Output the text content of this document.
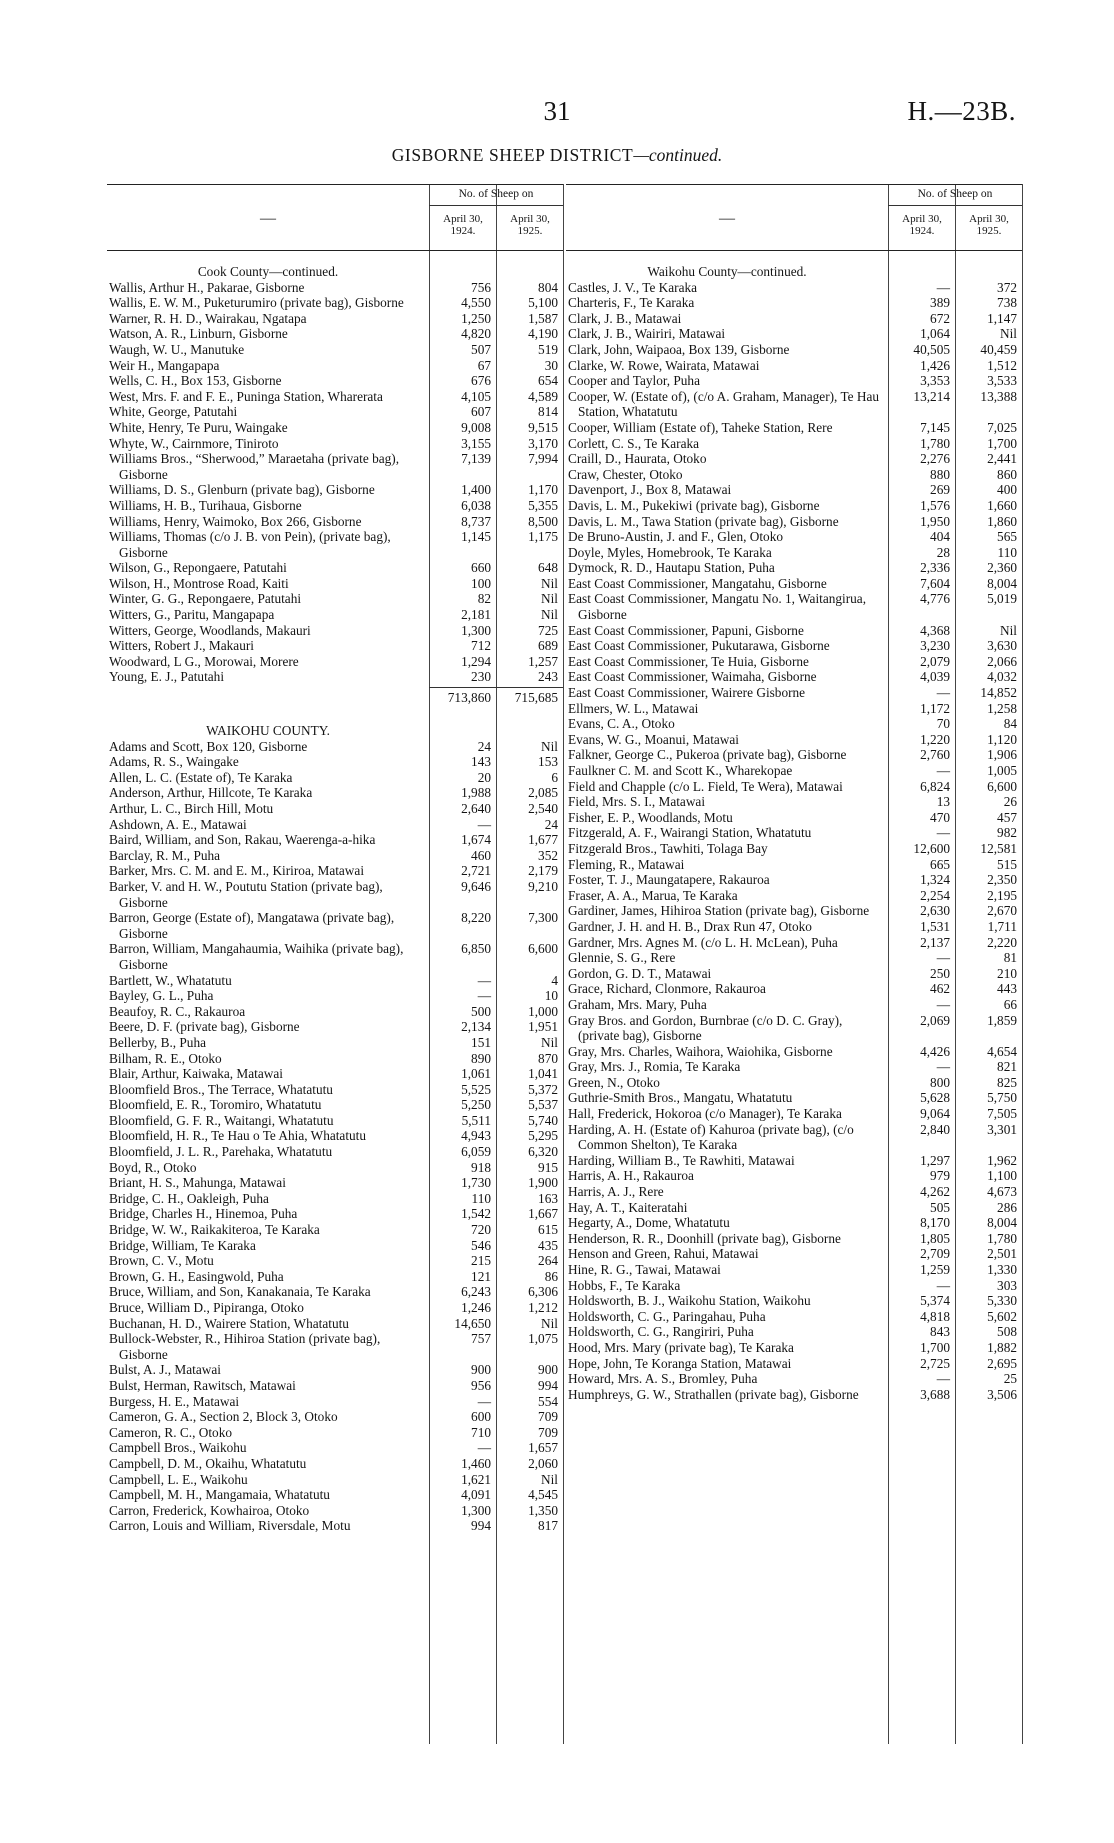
31	H.—23B.
GISBORNE SHEEP DISTRICT—continued.
—
No. of Sheep on
April 30, 1924.
April 30, 1925.
Cook County—continued.
Wallis, Arthur H., Pakarae, Gisborne	756	804
Wallis, E. W. M., Puketurumiro (private bag), Gisborne	4,550	5,100
Warner, R. H. D., Wairakau, Ngatapa	1,250	1,587
Watson, A. R., Linburn, Gisborne	4,820	4,190
Waugh, W. U., Manutuke	507	519
Weir H., Mangapapa	67	30
Wells, C. H., Box 153, Gisborne	676	654
West, Mrs. F. and F. E., Puninga Station, Wharerata	4,105	4,589
White, George, Patutahi	607	814
White, Henry, Te Puru, Waingake	9,008	9,515
Whyte, W., Cairnmore, Tiniroto	3,155	3,170
Williams Bros., “Sherwood,” Maraetaha (private bag), Gisborne
7,139	7,994
Williams, D. S., Glenburn (private bag), Gisborne	1,400	1,170
Williams, H. B., Turihaua, Gisborne	6,038	5,355
Williams, Henry, Waimoko, Box 266, Gisborne	8,737	8,500
Williams, Thomas (c/o J. B. von Pein), (private bag), Gisborne
1,145	1,175
Wilson, G., Repongaere, Patutahi	660	648
Wilson, H., Montrose Road, Kaiti	100	Nil
Winter, G. G., Repongaere, Patutahi	82	Nil
Witters, G., Paritu, Mangapapa	2,181	Nil
Witters, George, Woodlands, Makauri	1,300	725
Witters, Robert J., Makauri	712	689
Woodward, L G., Morowai, Morere	1,294	1,257
Young, E. J., Patutahi	230	243
713,860	715,685
WAIKOHU COUNTY.
Adams and Scott, Box 120, Gisborne	24	Nil
Adams, R. S., Waingake	143	153
Allen, L. C. (Estate of), Te Karaka	20	6
Anderson, Arthur, Hillcote, Te Karaka	1,988	2,085
Arthur, L. C., Birch Hill, Motu	2,640	2,540
Ashdown, A. E., Matawai	—	24
Baird, William, and Son, Rakau, Waerenga-a-hika	1,674	1,677
Barclay, R. M., Puha	460	352
Barker, Mrs. C. M. and E. M., Kiriroa, Matawai	2,721	2,179
Barker, V. and H. W., Poututu Station (private bag), Gisborne
9,646	9,210
Barron, George (Estate of), Mangatawa (private bag), Gisborne
8,220	7,300
Barron, William, Mangahaumia, Waihika (private bag), Gisborne
6,850	6,600
Bartlett, W., Whatatutu	—	4
Bayley, G. L., Puha	—	10
Beaufoy, R. C., Rakauroa	500	1,000
Beere, D. F. (private bag), Gisborne	2,134	1,951
Bellerby, B., Puha	151	Nil
Bilham, R. E., Otoko	890	870
Blair, Arthur, Kaiwaka, Matawai	1,061	1,041
Bloomfield Bros., The Terrace, Whatatutu	5,525	5,372
Bloomfield, E. R., Toromiro, Whatatutu	5,250	5,537
Bloomfield, G. F. R., Waitangi, Whatatutu	5,511	5,740
Bloomfield, H. R., Te Hau o Te Ahia, Whatatutu	4,943	5,295
Bloomfield, J. L. R., Parehaka, Whatatutu	6,059	6,320
Boyd, R., Otoko	918	915
Briant, H. S., Mahunga, Matawai	1,730	1,900
Bridge, C. H., Oakleigh, Puha	110	163
Bridge, Charles H., Hinemoa, Puha	1,542	1,667
Bridge, W. W., Raikakiteroa, Te Karaka	720	615
Bridge, William, Te Karaka	546	435
Brown, C. V., Motu	215	264
Brown, G. H., Easingwold, Puha	121	86
Bruce, William, and Son, Kanakanaia, Te Karaka	6,243	6,306
Bruce, William D., Pipiranga, Otoko	1,246	1,212
Buchanan, H. D., Wairere Station, Whatatutu	14,650	Nil
Bullock-Webster, R., Hihiroa Station (private bag), Gisborne
757	1,075
Bulst, A. J., Matawai	900	900
Bulst, Herman, Rawitsch, Matawai	956	994
Burgess, H. E., Matawai	—	554
Cameron, G. A., Section 2, Block 3, Otoko	600	709
Cameron, R. C., Otoko	710	709
Campbell Bros., Waikohu	—	1,657
Campbell, D. M., Okaihu, Whatatutu	1,460	2,060
Campbell, L. E., Waikohu	1,621	Nil
Campbell, M. H., Mangamaia, Whatatutu	4,091	4,545
Carron, Frederick, Kowhairoa, Otoko	1,300	1,350
Carron, Louis and William, Riversdale, Motu	994	817
—
No. of Sheep on
April 30, 1924.
April 30, 1925.
Waikohu County—continued.
Castles, J. V., Te Karaka	—	372
Charteris, F., Te Karaka	389	738
Clark, J. B., Matawai	672	1,147
Clark, J. B., Wairiri, Matawai	1,064	Nil
Clark, John, Waipaoa, Box 139, Gisborne	40,505	40,459
Clarke, W. Rowe, Wairata, Matawai	1,426	1,512
Cooper and Taylor, Puha	3,353	3,533
Cooper, W. (Estate of), (c/o A. Graham, Manager), Te Hau Station, Whatatutu
13,214	13,388
Cooper, William (Estate of), Taheke Station, Rere	7,145	7,025
Corlett, C. S., Te Karaka	1,780	1,700
Craill, D., Haurata, Otoko	2,276	2,441
Craw, Chester, Otoko	880	860
Davenport, J., Box 8, Matawai	269	400
Davis, L. M., Pukekiwi (private bag), Gisborne	1,576	1,660
Davis, L. M., Tawa Station (private bag), Gisborne	1,950	1,860
De Bruno-Austin, J. and F., Glen, Otoko	404	565
Doyle, Myles, Homebrook, Te Karaka	28	110
Dymock, R. D., Hautapu Station, Puha	2,336	2,360
East Coast Commissioner, Mangatahu, Gisborne	7,604	8,004
East Coast Commissioner, Mangatu No. 1, Waitangirua, Gisborne
4,776	5,019
East Coast Commissioner, Papuni, Gisborne	4,368	Nil
East Coast Commissioner, Pukutarawa, Gisborne	3,230	3,630
East Coast Commissioner, Te Huia, Gisborne	2,079	2,066
East Coast Commissioner, Waimaha, Gisborne	4,039	4,032
East Coast Commissioner, Wairere Gisborne	—	14,852
Ellmers, W. L., Matawai	1,172	1,258
Evans, C. A., Otoko	70	84
Evans, W. G., Moanui, Matawai	1,220	1,120
Falkner, George C., Pukeroa (private bag), Gisborne	2,760	1,906
Faulkner C. M. and Scott K., Wharekopae	—	1,005
Field and Chapple (c/o L. Field, Te Wera), Matawai	6,824	6,600
Field, Mrs. S. I., Matawai	13	26
Fisher, E. P., Woodlands, Motu	470	457
Fitzgerald, A. F., Wairangi Station, Whatatutu	—	982
Fitzgerald Bros., Tawhiti, Tolaga Bay	12,600	12,581
Fleming, R., Matawai	665	515
Foster, T. J., Maungatapere, Rakauroa	1,324	2,350
Fraser, A. A., Marua, Te Karaka	2,254	2,195
Gardiner, James, Hihiroa Station (private bag), Gisborne	2,630	2,670
Gardner, J. H. and H. B., Drax Run 47, Otoko	1,531	1,711
Gardner, Mrs. Agnes M. (c/o L. H. McLean), Puha	2,137	2,220
Glennie, S. G., Rere	—	81
Gordon, G. D. T., Matawai	250	210
Grace, Richard, Clonmore, Rakauroa	462	443
Graham, Mrs. Mary, Puha	—	66
Gray Bros. and Gordon, Burnbrae (c/o D. C. Gray), (private bag), Gisborne
2,069	1,859
Gray, Mrs. Charles, Waihora, Waiohika, Gisborne	4,426	4,654
Gray, Mrs. J., Romia, Te Karaka	—	821
Green, N., Otoko	800	825
Guthrie-Smith Bros., Mangatu, Whatatutu	5,628	5,750
Hall, Frederick, Hokoroa (c/o Manager), Te Karaka	9,064	7,505
Harding, A. H. (Estate of) Kahuroa (private bag), (c/o Common Shelton), Te Karaka
2,840	3,301
Harding, William B., Te Rawhiti, Matawai	1,297	1,962
Harris, A. H., Rakauroa	979	1,100
Harris, A. J., Rere	4,262	4,673
Hay, A. T., Kaiteratahi	505	286
Hegarty, A., Dome, Whatatutu	8,170	8,004
Henderson, R. R., Doonhill (private bag), Gisborne	1,805	1,780
Henson and Green, Rahui, Matawai	2,709	2,501
Hine, R. G., Tawai, Matawai	1,259	1,330
Hobbs, F., Te Karaka	—	303
Holdsworth, B. J., Waikohu Station, Waikohu	5,374	5,330
Holdsworth, C. G., Paringahau, Puha	4,818	5,602
Holdsworth, C. G., Rangiriri, Puha	843	508
Hood, Mrs. Mary (private bag), Te Karaka	1,700	1,882
Hope, John, Te Koranga Station, Matawai	2,725	2,695
Howard, Mrs. A. S., Bromley, Puha	—	25
Humphreys, G. W., Strathallen (private bag), Gisborne	3,688	3,506
